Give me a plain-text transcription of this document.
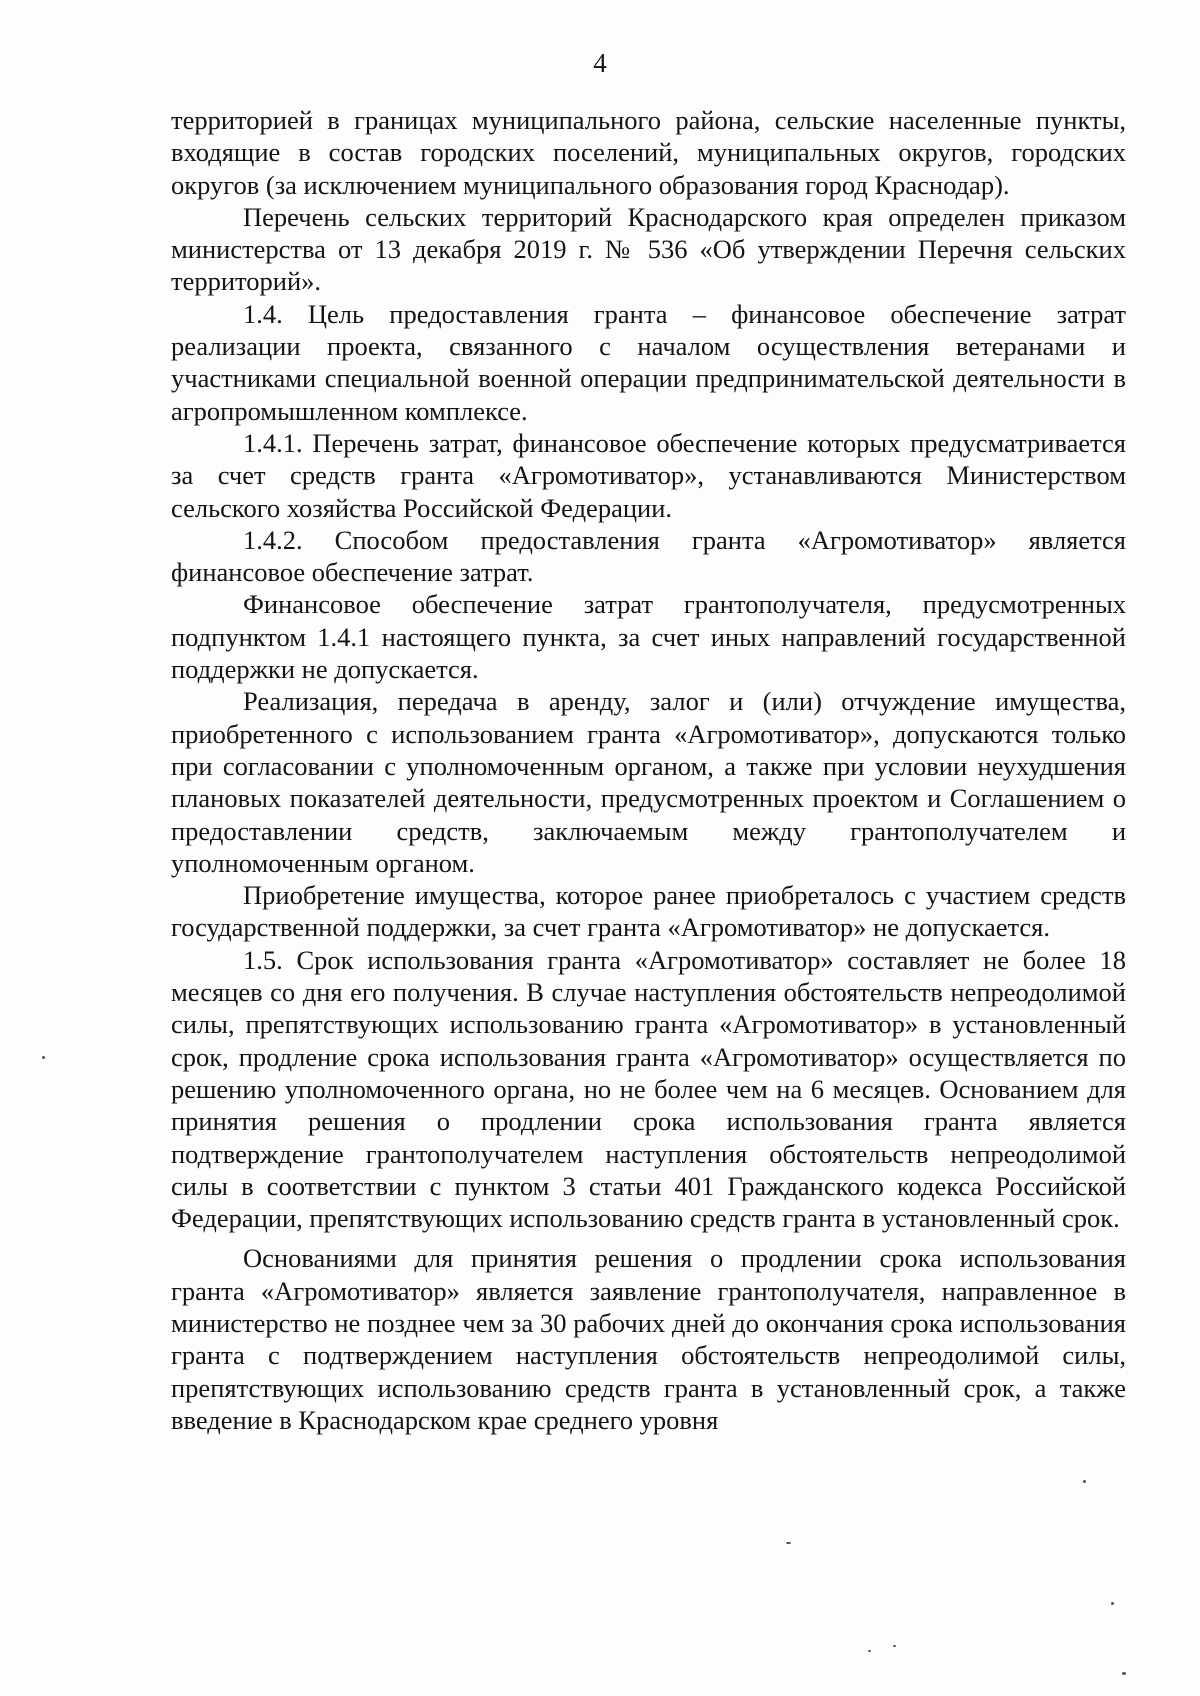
4

территорией в границах муниципального района, сельские населенные пункты, входящие в состав городских поселений, муниципальных округов, городских округов (за исключением муниципального образования город Краснодар).

Перечень сельских территорий Краснодарского края определен приказом министерства от 13 декабря 2019 г. № 536 «Об утверждении Перечня сельских территорий».

1.4. Цель предоставления гранта – финансовое обеспечение затрат реализации проекта, связанного с началом осуществления ветеранами и участниками специальной военной операции предпринимательской деятельности в агропромышленном комплексе.

1.4.1. Перечень затрат, финансовое обеспечение которых предусматривается за счет средств гранта «Агромотиватор», устанавливаются Министерством сельского хозяйства Российской Федерации.

1.4.2. Способом предоставления гранта «Агромотиватор» является финансовое обеспечение затрат.

Финансовое обеспечение затрат грантополучателя, предусмотренных подпунктом 1.4.1 настоящего пункта, за счет иных направлений государственной поддержки не допускается.

Реализация, передача в аренду, залог и (или) отчуждение имущества, приобретенного с использованием гранта «Агромотиватор», допускаются только при согласовании с уполномоченным органом, а также при условии неухудшения плановых показателей деятельности, предусмотренных проектом и Соглашением о предоставлении средств, заключаемым между грантополучателем и уполномоченным органом.

Приобретение имущества, которое ранее приобреталось с участием средств государственной поддержки, за счет гранта «Агромотиватор» не допускается.

1.5. Срок использования гранта «Агромотиватор» составляет не более 18 месяцев со дня его получения. В случае наступления обстоятельств непреодолимой силы, препятствующих использованию гранта «Агромотиватор» в установленный срок, продление срока использования гранта «Агромотиватор» осуществляется по решению уполномоченного органа, но не более чем на 6 месяцев. Основанием для принятия решения о продлении срока использования гранта является подтверждение грантополучателем наступления обстоятельств непреодолимой силы в соответствии с пунктом 3 статьи 401 Гражданского кодекса Российской Федерации, препятствующих использованию средств гранта в установленный срок.

Основаниями для принятия решения о продлении срока использования гранта «Агромотиватор» является заявление грантополучателя, направленное в министерство не позднее чем за 30 рабочих дней до окончания срока использования гранта с подтверждением наступления обстоятельств непреодолимой силы, препятствующих использованию средств гранта в установленный срок, а также введение в Краснодарском крае среднего уровня
